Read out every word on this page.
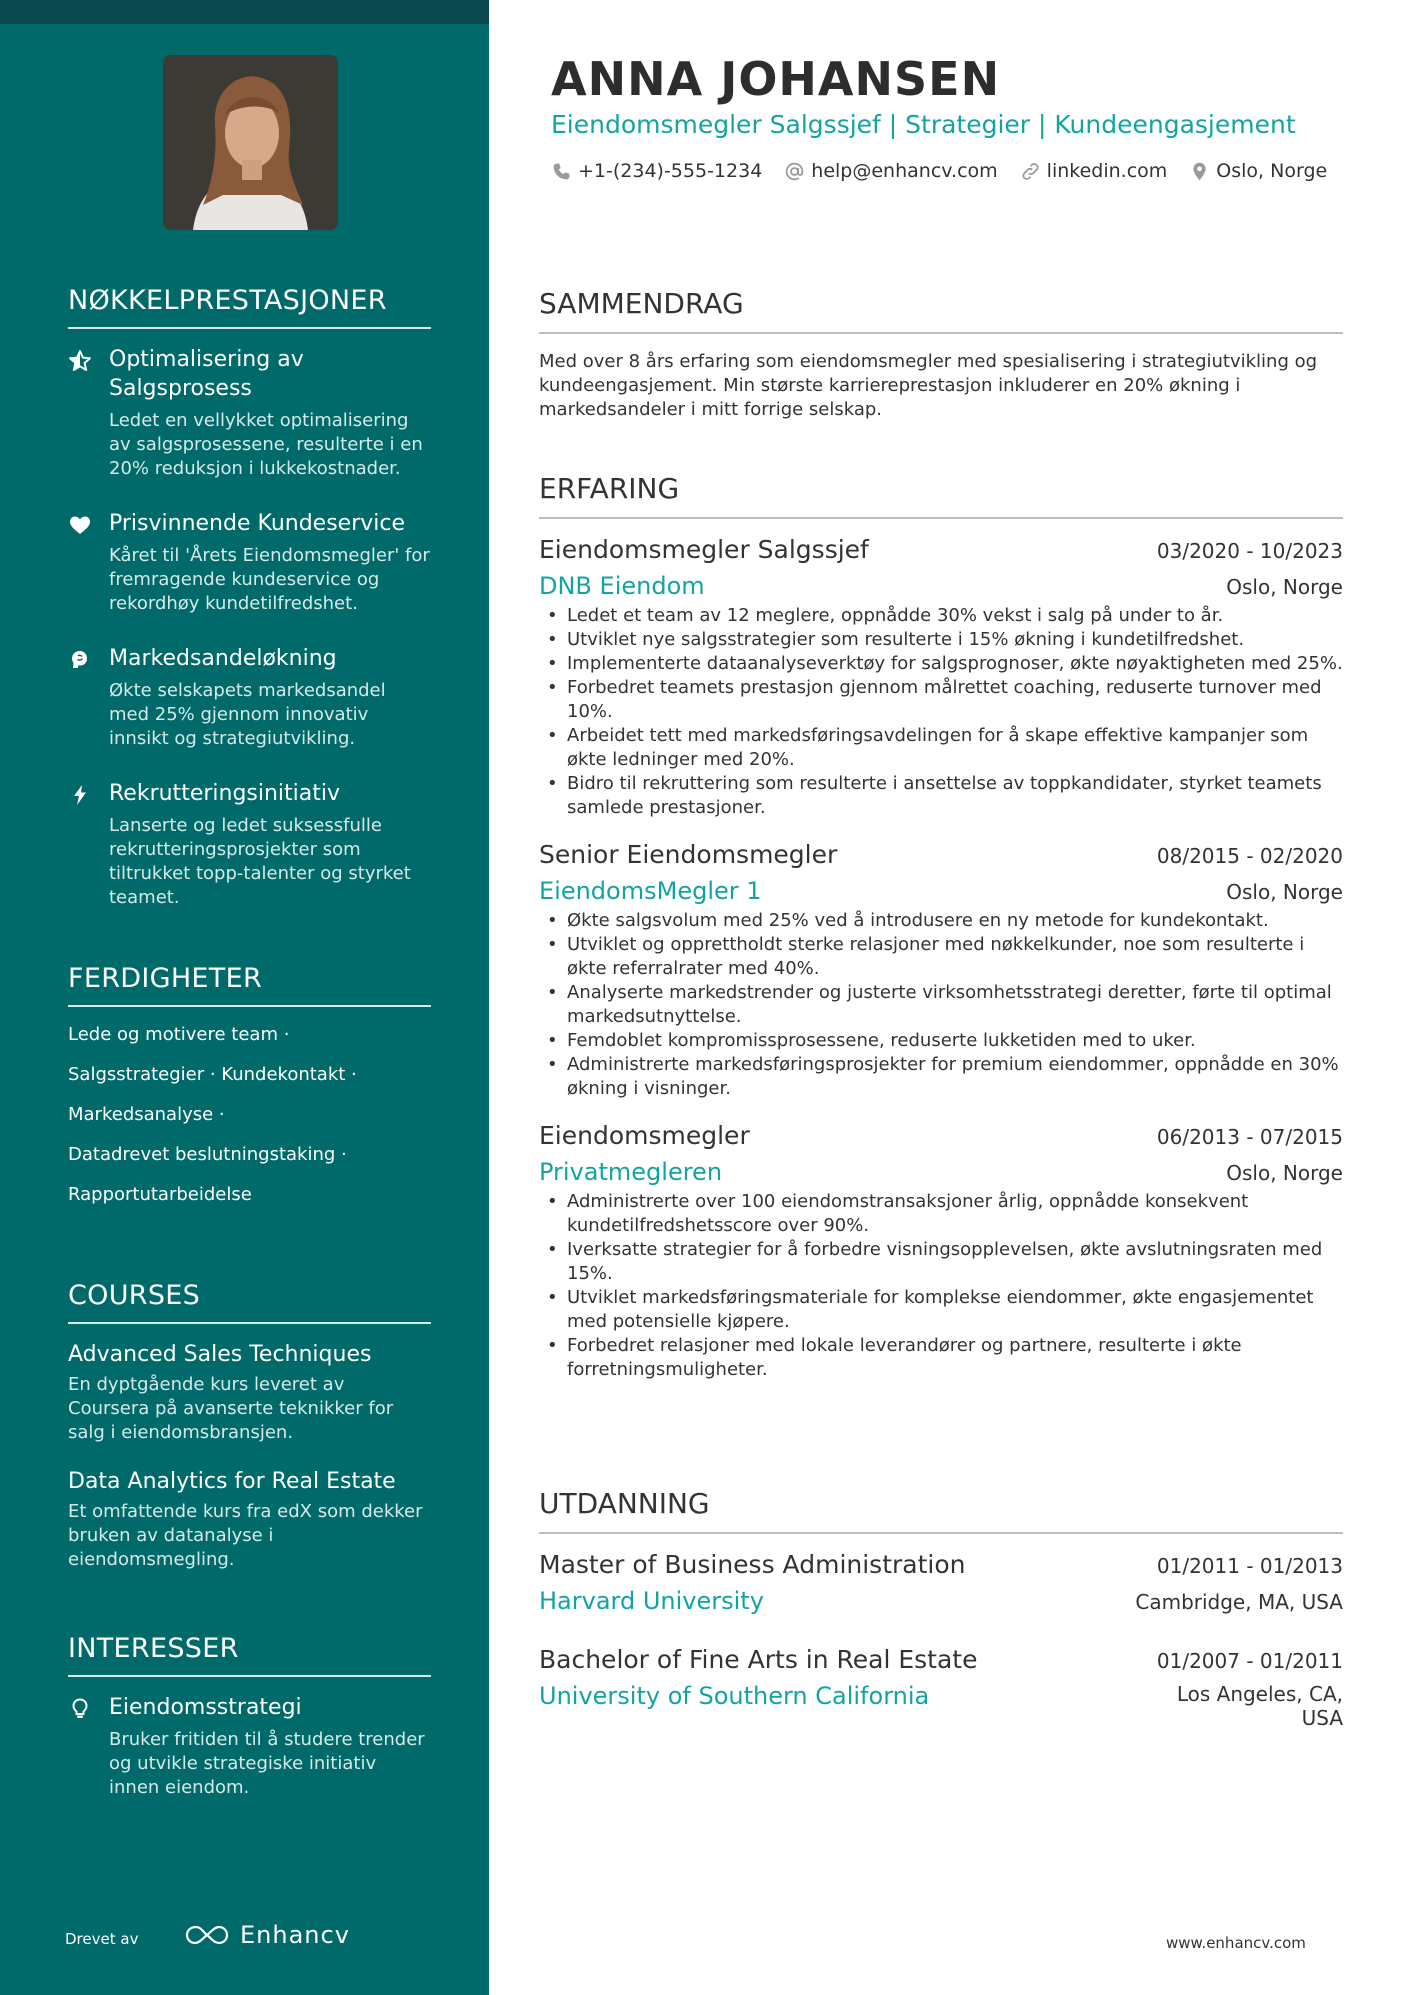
NØKKELPRESTASJONER
Optimalisering av Salgsprosess
Ledet en vellykket optimalisering av salgsprosessene, resulterte i en 20% reduksjon i lukkekostnader.
Prisvinnende Kundeservice
Kåret til 'Årets Eiendomsmegler' for fremragende kundeservice og rekordhøy kundetilfredshet.
Markedsandeløkning
Økte selskapets markedsandel med 25% gjennom innovativ innsikt og strategiutvikling.
Rekrutteringsinitiativ
Lanserte og ledet suksessfulle rekrutteringsprosjekter som tiltrukket topp-talenter og styrket teamet.
FERDIGHETER
Lede og motivere team ·
Salgsstrategier · Kundekontakt ·
Markedsanalyse ·
Datadrevet beslutningstaking ·
Rapportutarbeidelse
COURSES
Advanced Sales Techniques
En dyptgående kurs leveret av Coursera på avanserte teknikker for salg i eiendomsbransjen.
Data Analytics for Real Estate
Et omfattende kurs fra edX som dekker bruken av datanalyse i eiendomsmegling.
INTERESSER
Eiendomsstrategi
Bruker fritiden til å studere trender og utvikle strategiske initiativ innen eiendom.
Drevet av	Enhancv
ANNA JOHANSEN
Eiendomsmegler Salgssjef | Strategier | Kundeengasjement
+1-(234)-555-1234	help@enhancv.com	linkedin.com	Oslo, Norge
SAMMENDRAG

Med over 8 års erfaring som eiendomsmegler med spesialisering i strategiutvikling og kundeengasjement. Min største karriereprestasjon inkluderer en 20% økning i markedsandeler i mitt forrige selskap.

ERFARING
Eiendomsmegler Salgssjef	03/2020 - 10/2023
DNB Eiendom	Oslo, Norge
• Ledet et team av 12 meglere, oppnådde 30% vekst i salg på under to år.
• Utviklet nye salgsstrategier som resulterte i 15% økning i kundetilfredshet.
• Implementerte dataanalyseverktøy for salgsprognoser, økte nøyaktigheten med 25%.
• Forbedret teamets prestasjon gjennom målrettet coaching, reduserte turnover med 10%.
• Arbeidet tett med markedsføringsavdelingen for å skape effektive kampanjer som økte ledninger med 20%.
• Bidro til rekruttering som resulterte i ansettelse av toppkandidater, styrket teamets samlede prestasjoner.
Senior Eiendomsmegler	08/2015 - 02/2020
EiendomsMegler 1	Oslo, Norge
• Økte salgsvolum med 25% ved å introdusere en ny metode for kundekontakt.
• Utviklet og opprettholdt sterke relasjoner med nøkkelkunder, noe som resulterte i økte referralrater med 40%.
• Analyserte markedstrender og justerte virksomhetsstrategi deretter, førte til optimal markedsutnyttelse.
• Femdoblet kompromissprosessene, reduserte lukketiden med to uker.
• Administrerte markedsføringsprosjekter for premium eiendommer, oppnådde en 30% økning i visninger.
Eiendomsmegler	06/2013 - 07/2015
Privatmegleren	Oslo, Norge
• Administrerte over 100 eiendomstransaksjoner årlig, oppnådde konsekvent kundetilfredshetsscore over 90%.
• Iverksatte strategier for å forbedre visningsopplevelsen, økte avslutningsraten med 15%.
• Utviklet markedsføringsmateriale for komplekse eiendommer, økte engasjementet med potensielle kjøpere.
• Forbedret relasjoner med lokale leverandører og partnere, resulterte i økte forretningsmuligheter.
UTDANNING
Master of Business Administration	01/2011 - 01/2013
Harvard University	Cambridge, MA, USA
Bachelor of Fine Arts in Real Estate	01/2007 - 01/2011
University of Southern California	Los Angeles, CA, USA
www.enhancv.com
